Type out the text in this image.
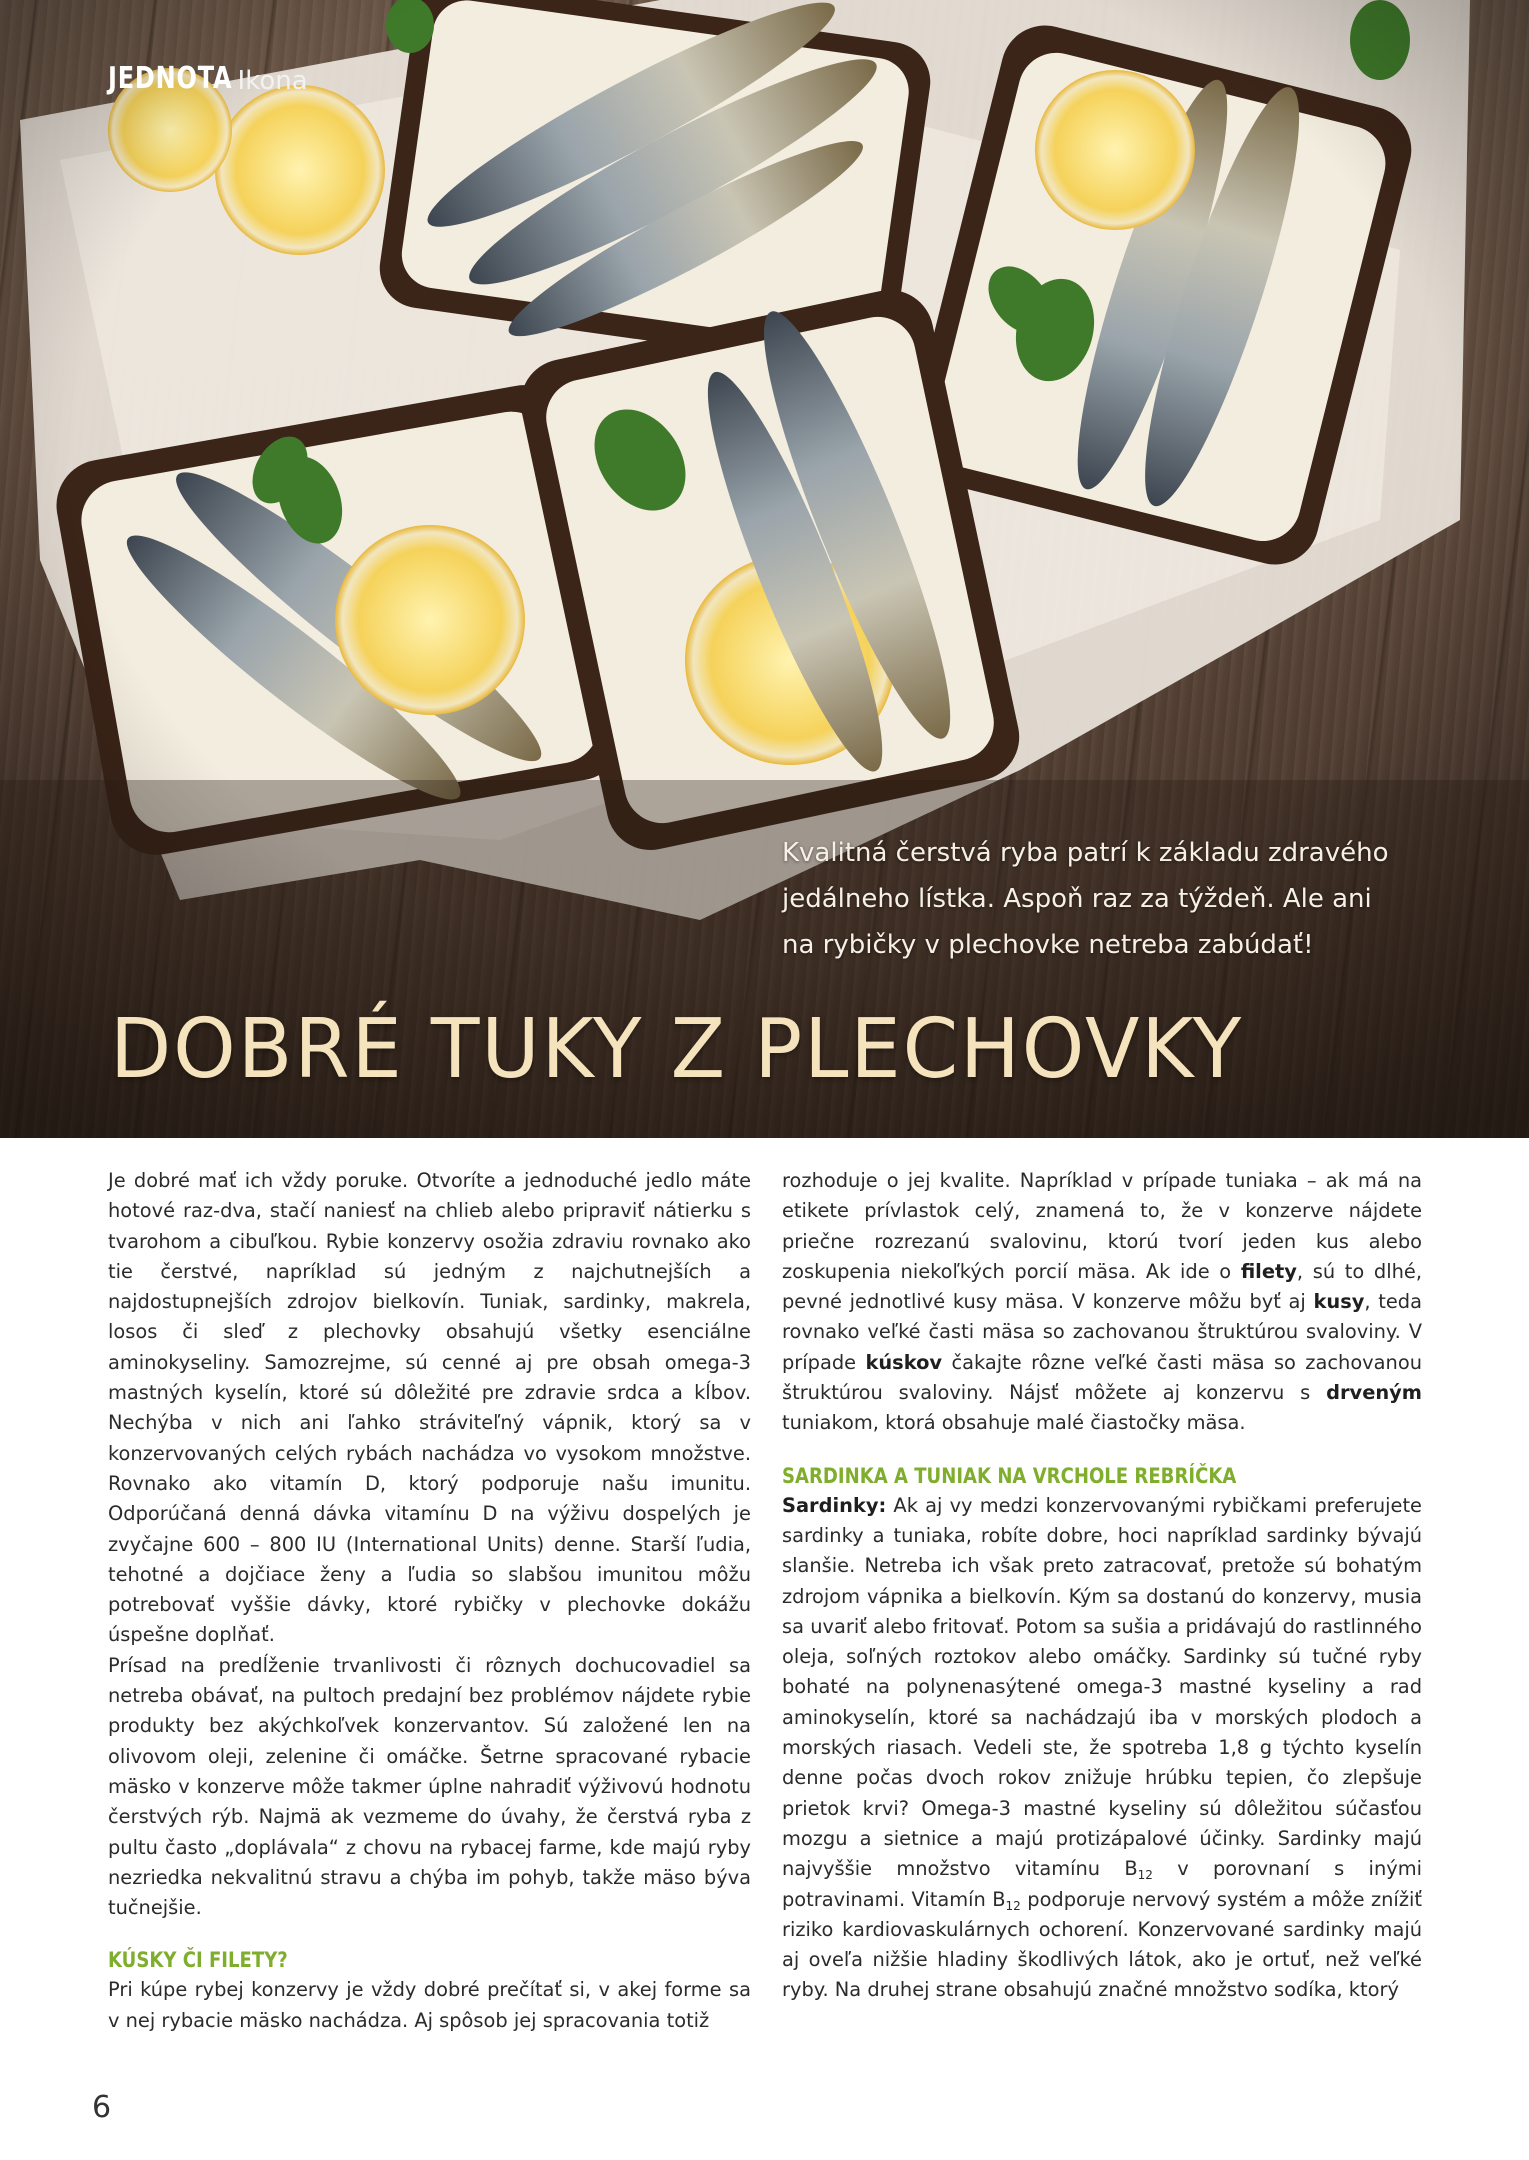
JEDNOTA Ikona
Kvalitná čerstvá ryba patrí k základu zdravého
jedálneho lístka. Aspoň raz za týždeň. Ale ani
na rybičky v plechovke netreba zabúdať!
DOBRÉ TUKY Z PLECHOVKY

Je dobré mať ich vždy poruke. Otvoríte a jednoduché jedlo máte hotové raz-dva, stačí naniesť na chlieb alebo pripraviť nátierku s tvarohom a cibuľkou. Rybie konzervy osožia zdraviu rovnako ako tie čerstvé, napríklad sú jedným z najchutnejších a najdostupnejších zdrojov bielkovín. Tuniak, sardinky, makrela, losos či sleď z plechovky obsahujú všetky esenciálne aminokyseliny. Samozrejme, sú cenné aj pre obsah omega-3 mastných kyselín, ktoré sú dôležité pre zdravie srdca a kĺbov. Nechýba v nich ani ľahko stráviteľný vápnik, ktorý sa v konzervovaných celých rybách nachádza vo vysokom množstve. Rovnako ako vitamín D, ktorý podporuje našu imunitu. Odporúčaná denná dávka vitamínu D na výživu dospelých je zvyčajne 600 – 800 IU (International Units) denne. Starší ľudia, tehotné a dojčiace ženy a ľudia so slabšou imunitou môžu potrebovať vyššie dávky, ktoré rybičky v plechovke dokážu úspešne doplňať.

Prísad na predĺženie trvanlivosti či rôznych dochucovadiel sa netreba obávať, na pultoch predajní bez problémov nájdete rybie produkty bez akýchkoľvek konzervantov. Sú založené len na olivovom oleji, zelenine či omáčke. Šetrne spracované rybacie mäsko v konzerve môže takmer úplne nahradiť výživovú hodnotu čerstvých rýb. Najmä ak vezmeme do úvahy, že čerstvá ryba z pultu často „doplávala“ z chovu na rybacej farme, kde majú ryby nezriedka nekvalitnú stravu a chýba im pohyb, takže mäso býva tučnejšie.

KÚSKY ČI FILETY?

Pri kúpe rybej konzervy je vždy dobré prečítať si, v akej forme sa v nej rybacie mäsko nachádza. Aj spôsob jej spracovania totiž

rozhoduje o jej kvalite. Napríklad v prípade tuniaka – ak má na etikete prívlastok celý, znamená to, že v konzerve nájdete priečne rozrezanú svalovinu, ktorú tvorí jeden kus alebo zoskupenia niekoľkých porcií mäsa. Ak ide o filety, sú to dlhé, pevné jednotlivé kusy mäsa. V konzerve môžu byť aj kusy, teda rovnako veľké časti mäsa so zachovanou štruktúrou svaloviny. V prípade kúskov čakajte rôzne veľké časti mäsa so zachovanou štruktúrou svaloviny. Nájsť môžete aj konzervu s drveným tuniakom, ktorá obsahuje malé čiastočky mäsa.

SARDINKA A TUNIAK NA VRCHOLE REBRÍČKA

Sardinky: Ak aj vy medzi konzervovanými rybičkami preferujete sardinky a tuniaka, robíte dobre, hoci napríklad sardinky bývajú slanšie. Netreba ich však preto zatracovať, pretože sú bohatým zdrojom vápnika a bielkovín. Kým sa dostanú do konzervy, musia sa uvariť alebo fritovať. Potom sa sušia a pridávajú do rastlinného oleja, soľných roztokov alebo omáčky. Sardinky sú tučné ryby bohaté na polynenasýtené omega-3 mastné kyseliny a rad aminokyselín, ktoré sa nachádzajú iba v morských plodoch a morských riasach. Vedeli ste, že spotreba 1,8 g týchto kyselín denne počas dvoch rokov znižuje hrúbku tepien, čo zlepšuje prietok krvi? Omega-3 mastné kyseliny sú dôležitou súčasťou mozgu a sietnice a majú protizápalové účinky. Sardinky majú najvyššie množstvo vitamínu $B_{12}$ v porovnaní s inými potravinami. Vitamín $B_{12}$ podporuje nervový systém a môže znížiť riziko kardiovaskulárnych ochorení. Konzervované sardinky majú aj oveľa nižšie hladiny škodlivých látok, ako je ortuť, než veľké ryby. Na druhej strane obsahujú značné množstvo sodíka, ktorý

6
